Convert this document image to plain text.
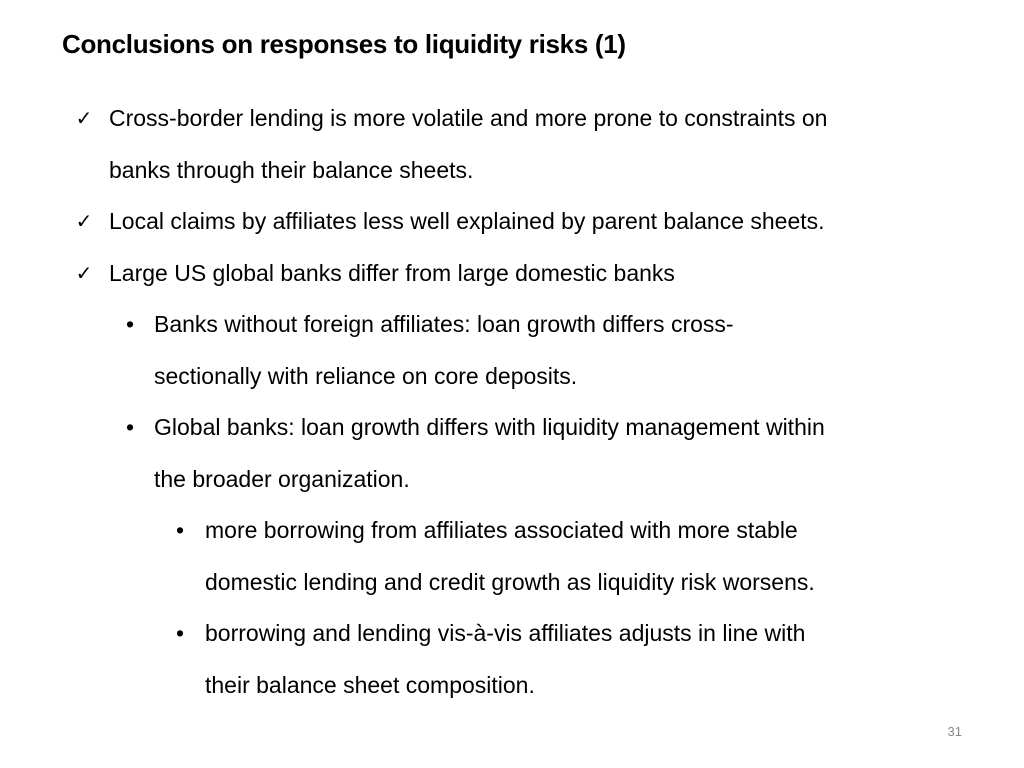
Conclusions on responses to liquidity risks (1)
✓ Cross-border lending is more volatile and more prone to constraints on
banks through their balance sheets.
✓ Local claims by affiliates less well explained by parent balance sheets.
✓ Large US global banks differ from large domestic banks
• Banks without foreign affiliates: loan growth differs cross-
sectionally with reliance on core deposits.
• Global banks: loan growth differs with liquidity management within
the broader organization.
• more borrowing from affiliates associated with more stable
domestic lending and credit growth as liquidity risk worsens.
• borrowing and lending vis-à-vis affiliates adjusts in line with
their balance sheet composition.
31
